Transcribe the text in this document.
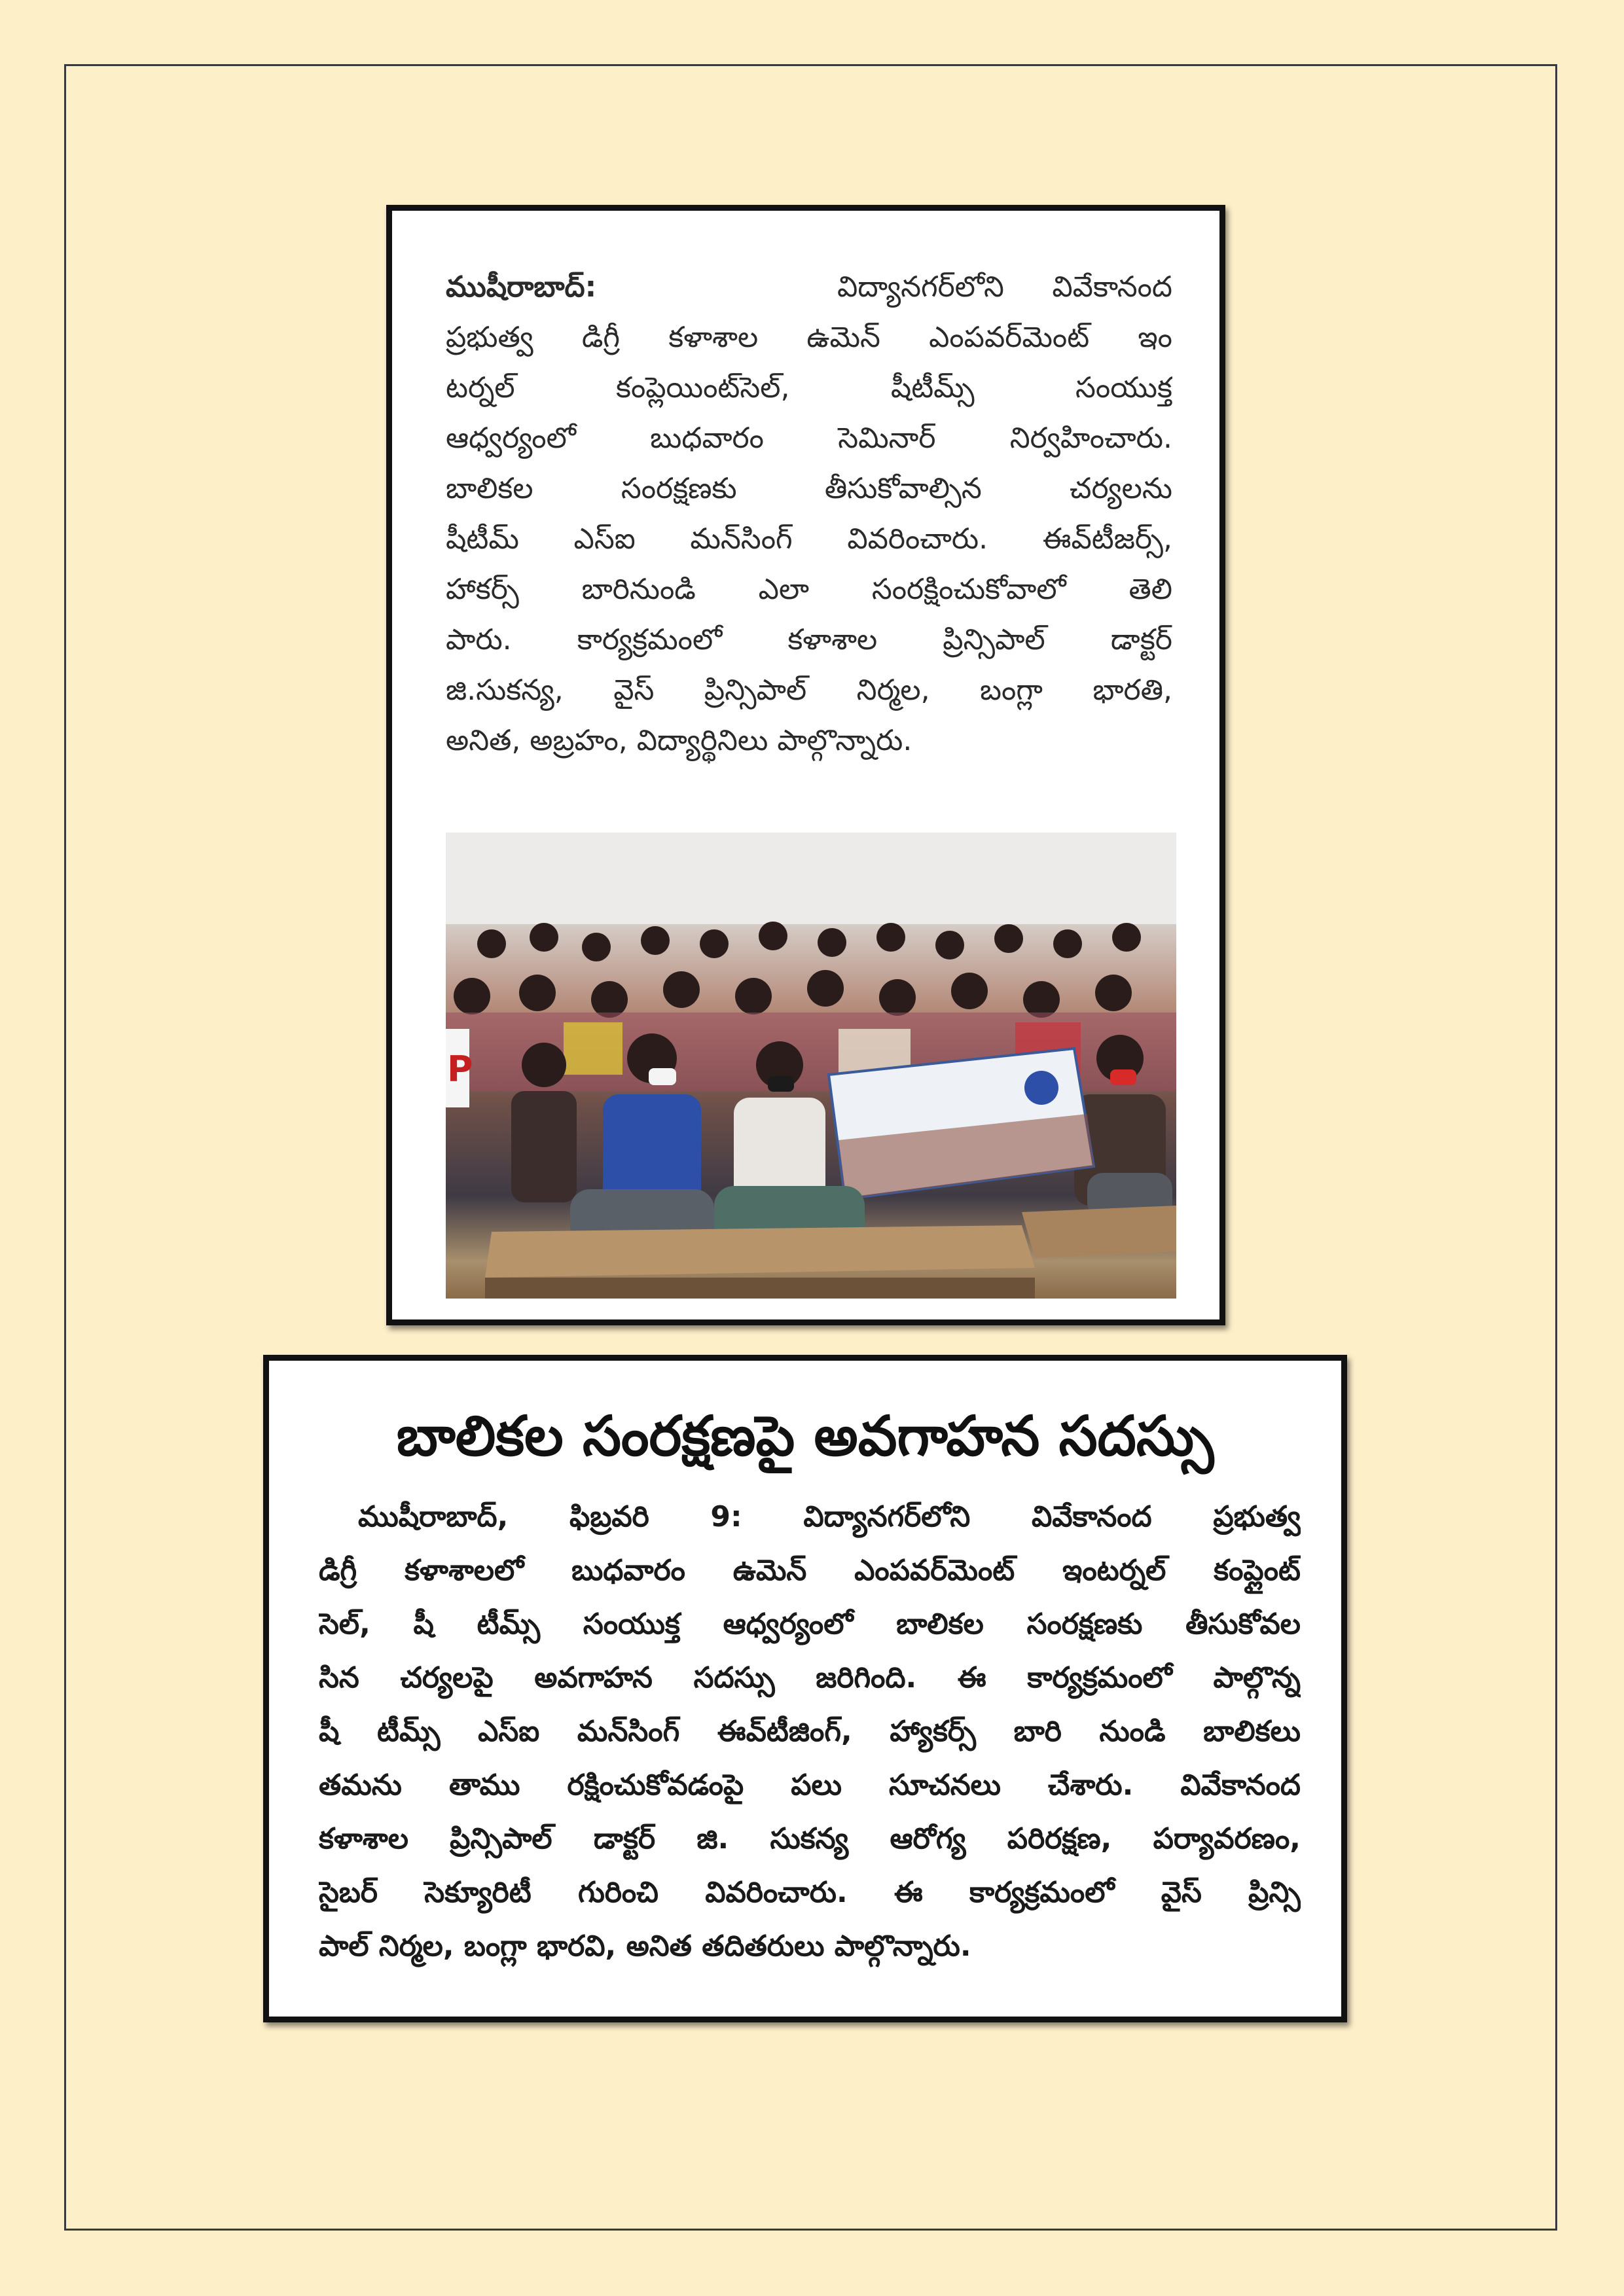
ముషీరాబాద్:	విద్యానగర్‌లోని వివేకానంద
ప్రభుత్వ డిగ్రీ కళాశాల ఉమెన్ ఎంపవర్‌మెంట్ ఇం
టర్నల్ కంప్లెయింట్‌సెల్, షీటీమ్స్ సంయుక్త
ఆధ్వర్యంలో బుధవారం సెమినార్ నిర్వహించారు.
బాలికల సంరక్షణకు తీసుకోవాల్సిన చర్యలను
షీటీమ్ ఎస్ఐ మన్‌సింగ్ వివరించారు. ఈవ్‌టీజర్స్,
హాకర్స్ బారినుండి ఎలా సంరక్షించుకోవాలో తెలి
పారు. కార్యక్రమంలో కళాశాల ప్రిన్సిపాల్ డాక్టర్
జి.సుకన్య, వైస్ ప్రిన్సిపాల్ నిర్మల, బంగ్లా భారతి,
అనిత, అబ్రహం, విద్యార్థినిలు పాల్గొన్నారు.
P
బాలికల సంరక్షణపై అవగాహన సదస్సు
ముషీరాబాద్, ఫిబ్రవరి 9: విద్యానగర్‌లోని వివేకానంద ప్రభుత్వ
డిగ్రీ కళాశాలలో బుధవారం ఉమెన్ ఎంపవర్‌మెంట్ ఇంటర్నల్ కంప్లైంట్
సెల్, షీ టీమ్స్ సంయుక్త ఆధ్వర్యంలో బాలికల సంరక్షణకు తీసుకోవల
సిన చర్యలపై అవగాహన సదస్సు జరిగింది. ఈ కార్యక్రమంలో పాల్గొన్న
షీ టీమ్స్ ఎస్ఐ మన్‌సింగ్ ఈవ్‌టీజింగ్, హ్యాకర్స్ బారి నుండి బాలికలు
తమను తాము రక్షించుకోవడంపై పలు సూచనలు చేశారు. వివేకానంద
కళాశాల ప్రిన్సిపాల్ డాక్టర్ జి. సుకన్య ఆరోగ్య పరిరక్షణ, పర్యావరణం,
సైబర్ సెక్యూరిటీ గురించి వివరించారు. ఈ కార్యక్రమంలో వైస్ ప్రిన్సి
పాల్ నిర్మల, బంగ్లా భారవి, అనిత తదితరులు పాల్గొన్నారు.
